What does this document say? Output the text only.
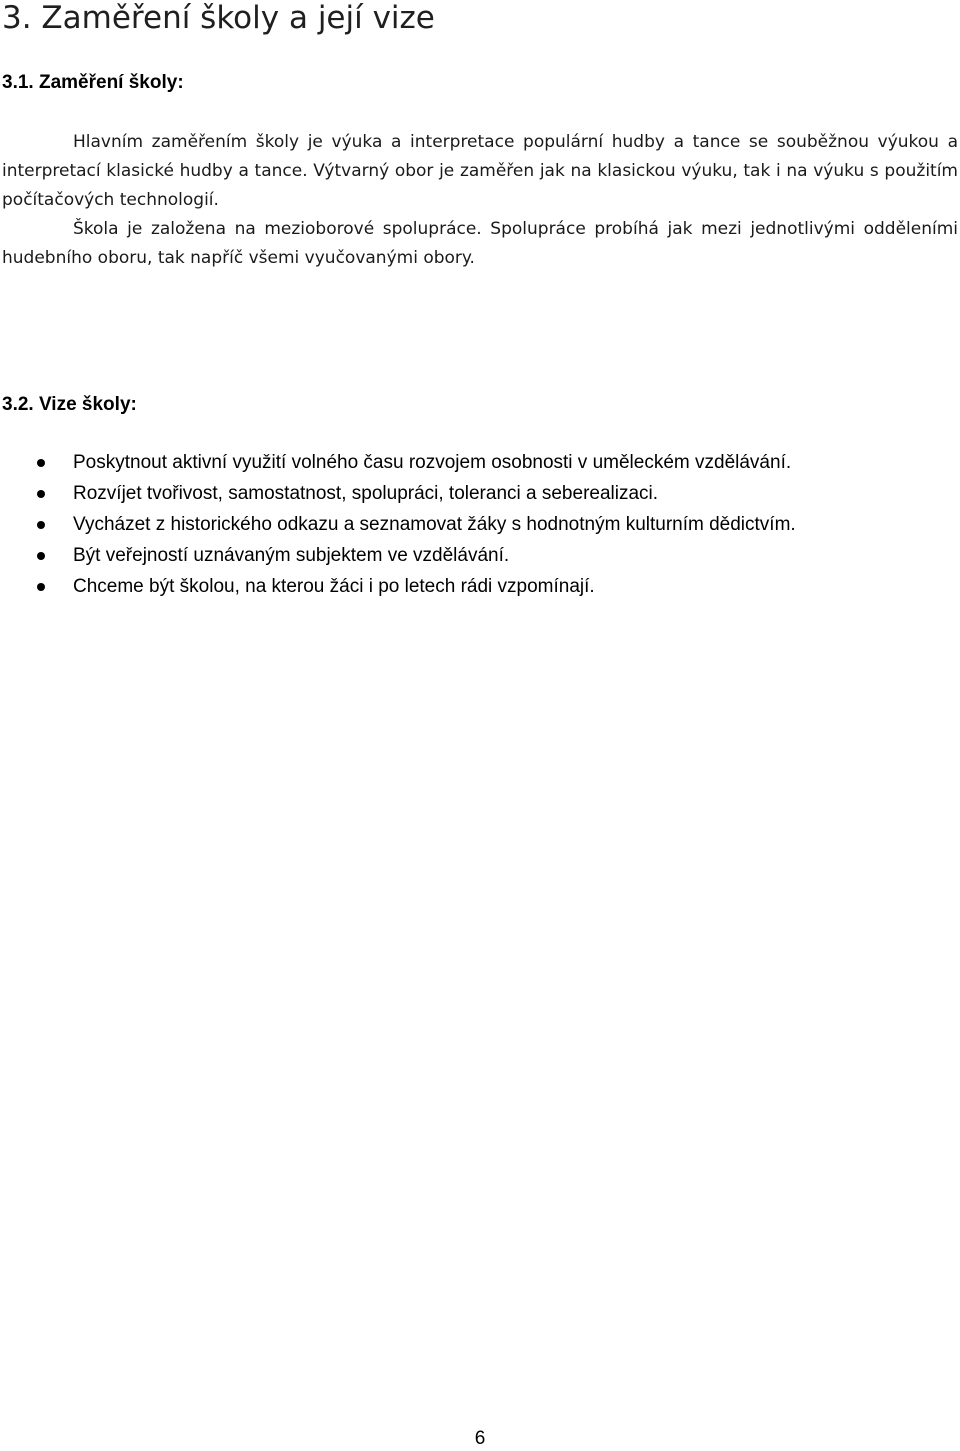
3. Zaměření školy a její vize
3.1. Zaměření školy:

Hlavním zaměřením školy je výuka a interpretace populární hudby a tance se souběžnou výukou a interpretací klasické hudby a tance. Výtvarný obor je zaměřen jak na klasickou výuku, tak i na výuku s použitím počítačových technologií.

Škola je založena na mezioborové spolupráce. Spolupráce probíhá jak mezi jednotlivými odděleními hudebního oboru, tak napříč všemi vyučovanými obory.

3.2. Vize školy:
Poskytnout aktivní využití volného času rozvojem osobnosti v uměleckém vzdělávání.
Rozvíjet tvořivost, samostatnost, spolupráci, toleranci a seberealizaci.
Vycházet z historického odkazu a seznamovat žáky s hodnotným kulturním dědictvím.
Být veřejností uznávaným subjektem ve vzdělávání.
Chceme být školou, na kterou žáci i po letech rádi vzpomínají.
6
